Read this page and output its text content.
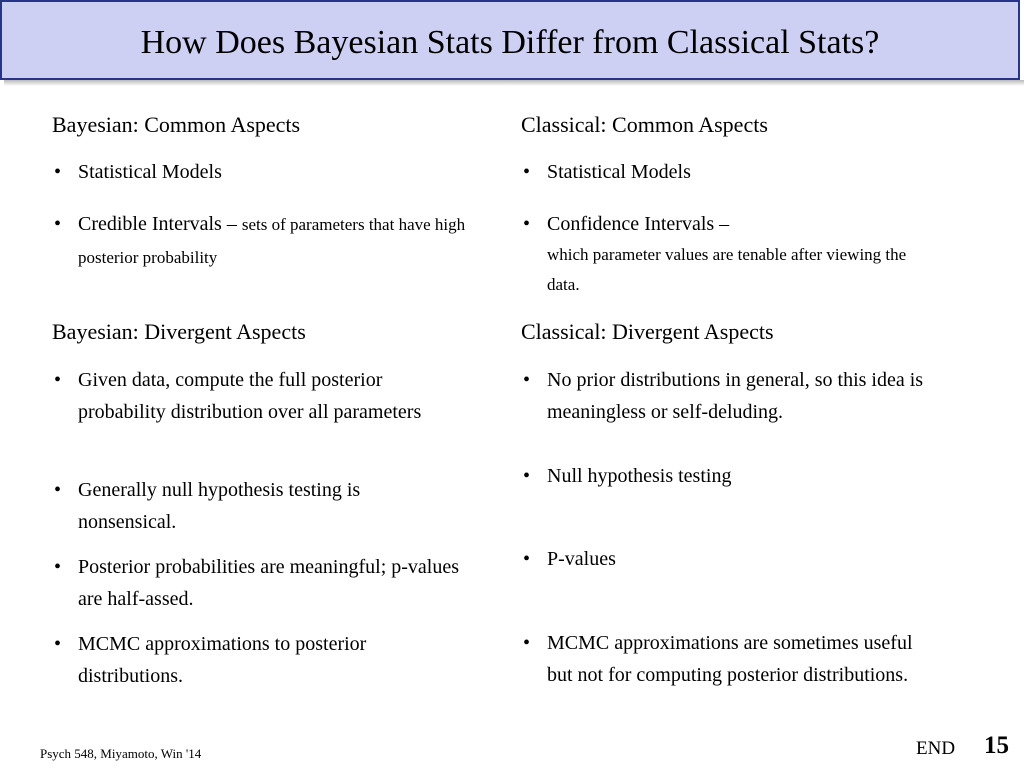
How Does Bayesian Stats Differ from Classical Stats?
Bayesian: Common Aspects
• Statistical Models
• Credible Intervals – sets of parameters that have high posterior probability
Bayesian: Divergent Aspects
• Given data, compute the full posterior probability distribution over all parameters
• Generally null hypothesis testing is nonsensical.
• Posterior probabilities are meaningful; p-values are half-assed.
• MCMC approximations to posterior distributions.
Classical: Common Aspects
• Statistical Models
• Confidence Intervals –
which parameter values are tenable after viewing the data.
Classical: Divergent Aspects
• No prior distributions in general, so this idea is meaningless or self-deluding.
• Null hypothesis testing
• P-values
• MCMC approximations are sometimes useful but not for computing posterior distributions.
Psych 548, Miyamoto, Win '14	END 15
